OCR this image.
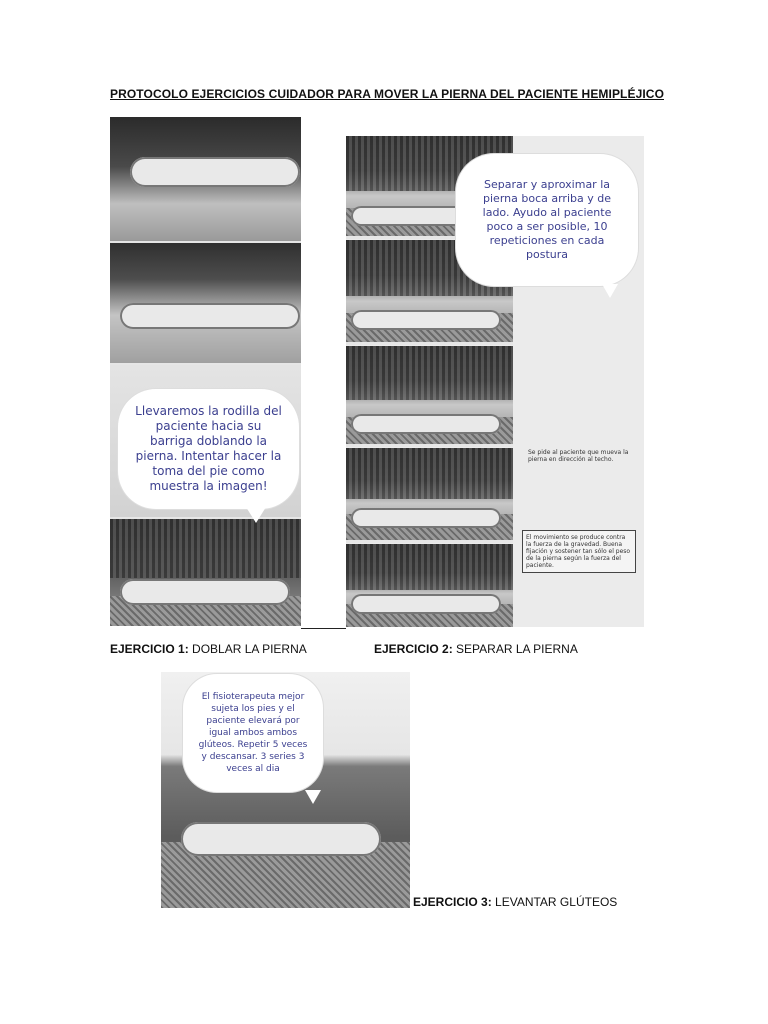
PROTOCOLO EJERCICIOS CUIDADOR PARA MOVER LA PIERNA DEL PACIENTE HEMIPLÉJICO
Llevaremos la rodilla del paciente hacia su barriga doblando la pierna. Intentar hacer la toma del pie como muestra la imagen!
Separar y aproximar la pierna boca arriba y de lado. Ayudo al paciente poco a ser posible, 10 repeticiones en cada postura
Se pide al paciente que mueva la pierna en dirección al techo.
El movimiento se produce contra la fuerza de la gravedad. Buena fijación y sostener tan sólo el peso de la pierna según la fuerza del paciente.
EJERCICIO 1: DOBLAR LA PIERNA	EJERCICIO 2: SEPARAR LA PIERNA
El fisioterapeuta mejor sujeta los pies y el paciente elevará por igual ambos ambos glúteos. Repetir 5 veces y descansar. 3 series 3 veces al dia
EJERCICIO 3: LEVANTAR GLÚTEOS
